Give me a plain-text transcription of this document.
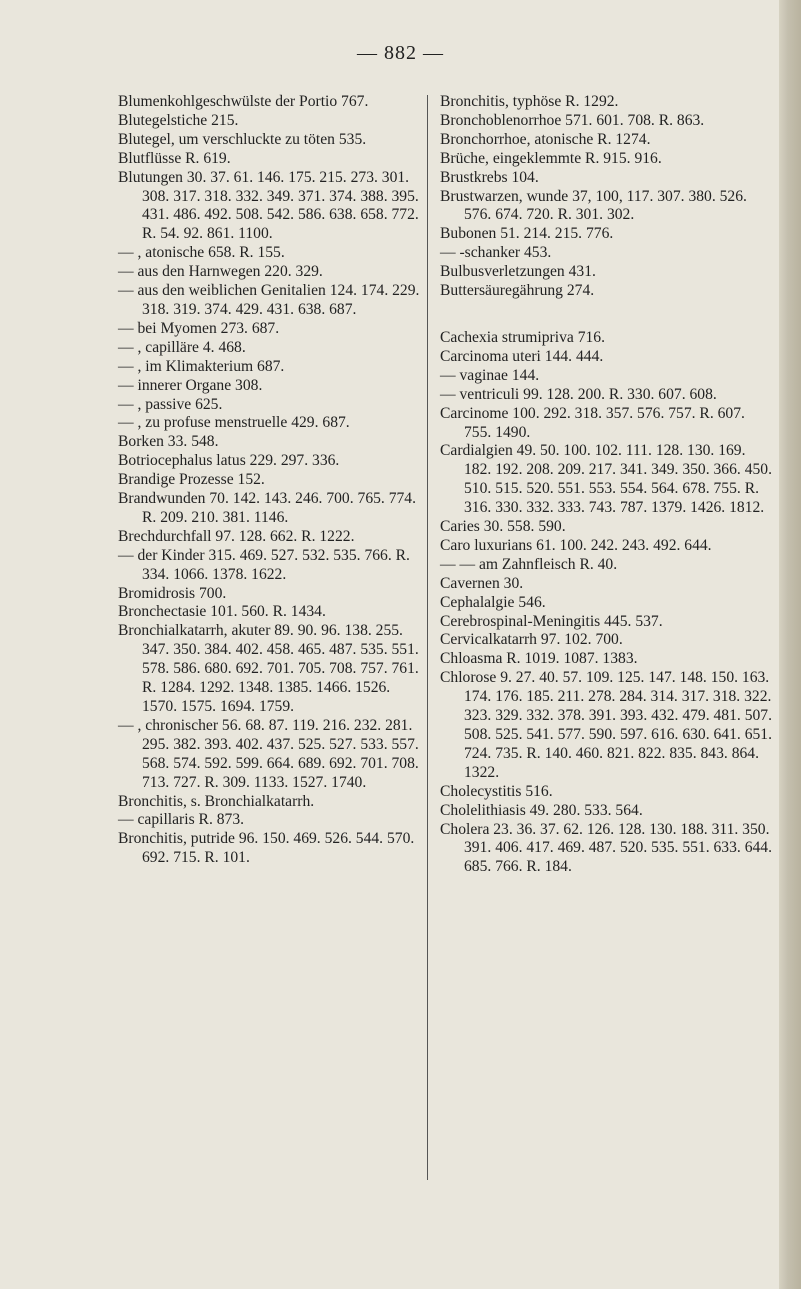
— 882 —
Blumenkohlgeschwülste der Portio 767.
Blutegelstiche 215.
Blutegel, um verschluckte zu töten 535.
Blutflüsse R. 619.
Blutungen 30. 37. 61. 146. 175. 215. 273. 301. 308. 317. 318. 332. 349. 371. 374. 388. 395. 431. 486. 492. 508. 542. 586. 638. 658. 772. R. 54. 92. 861. 1100.
— , atonische 658. R. 155.
— aus den Harnwegen 220. 329.
— aus den weiblichen Genitalien 124. 174. 229. 318. 319. 374. 429. 431. 638. 687.
— bei Myomen 273. 687.
— , capilläre 4. 468.
— , im Klimakterium 687.
— innerer Organe 308.
— , passive 625.
— , zu profuse menstruelle 429. 687.
Borken 33. 548.
Botriocephalus latus 229. 297. 336.
Brandige Prozesse 152.
Brandwunden 70. 142. 143. 246. 700. 765. 774. R. 209. 210. 381. 1146.
Brechdurchfall 97. 128. 662. R. 1222.
— der Kinder 315. 469. 527. 532. 535. 766. R. 334. 1066. 1378. 1622.
Bromidrosis 700.
Bronchectasie 101. 560. R. 1434.
Bronchialkatarrh, akuter 89. 90. 96. 138. 255. 347. 350. 384. 402. 458. 465. 487. 535. 551. 578. 586. 680. 692. 701. 705. 708. 757. 761. R. 1284. 1292. 1348. 1385. 1466. 1526. 1570. 1575. 1694. 1759.
— , chronischer 56. 68. 87. 119. 216. 232. 281. 295. 382. 393. 402. 437. 525. 527. 533. 557. 568. 574. 592. 599. 664. 689. 692. 701. 708. 713. 727. R. 309. 1133. 1527. 1740.
Bronchitis, s. Bronchialkatarrh.
— capillaris R. 873.
Bronchitis, putride 96. 150. 469. 526. 544. 570. 692. 715. R. 101.
Bronchitis, typhöse R. 1292.
Bronchoblenorrhoe 571. 601. 708. R. 863.
Bronchorrhoe, atonische R. 1274.
Brüche, eingeklemmte R. 915. 916.
Brustkrebs 104.
Brustwarzen, wunde 37, 100, 117. 307. 380. 526. 576. 674. 720. R. 301. 302.
Bubonen 51. 214. 215. 776.
— -schanker 453.
Bulbusverletzungen 431.
Buttersäuregährung 274.
Cachexia strumipriva 716.
Carcinoma uteri 144. 444.
— vaginae 144.
— ventriculi 99. 128. 200. R. 330. 607. 608.
Carcinome 100. 292. 318. 357. 576. 757. R. 607. 755. 1490.
Cardialgien 49. 50. 100. 102. 111. 128. 130. 169. 182. 192. 208. 209. 217. 341. 349. 350. 366. 450. 510. 515. 520. 551. 553. 554. 564. 678. 755. R. 316. 330. 332. 333. 743. 787. 1379. 1426. 1812.
Caries 30. 558. 590.
Caro luxurians 61. 100. 242. 243. 492. 644.
— — am Zahnfleisch R. 40.
Cavernen 30.
Cephalalgie 546.
Cerebrospinal-Meningitis 445. 537.
Cervicalkatarrh 97. 102. 700.
Chloasma R. 1019. 1087. 1383.
Chlorose 9. 27. 40. 57. 109. 125. 147. 148. 150. 163. 174. 176. 185. 211. 278. 284. 314. 317. 318. 322. 323. 329. 332. 378. 391. 393. 432. 479. 481. 507. 508. 525. 541. 577. 590. 597. 616. 630. 641. 651. 724. 735. R. 140. 460. 821. 822. 835. 843. 864. 1322.
Cholecystitis 516.
Cholelithiasis 49. 280. 533. 564.
Cholera 23. 36. 37. 62. 126. 128. 130. 188. 311. 350. 391. 406. 417. 469. 487. 520. 535. 551. 633. 644. 685. 766. R. 184.
